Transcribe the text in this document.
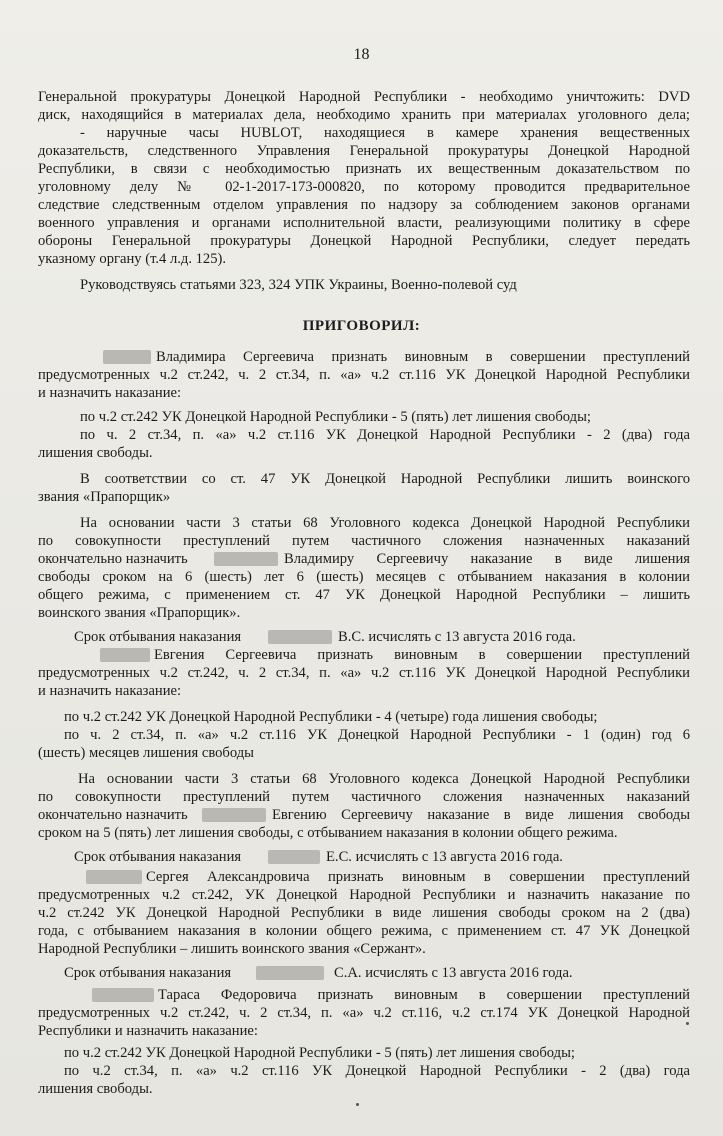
18
Генеральной прокуратуры Донецкой Народной Республики - необходимо уничтожить: DVD
диск, находящийся в материалах дела, необходимо хранить при материалах уголовного дела;
- наручные часы HUBLOT, находящиеся в камере хранения вещественных
доказательств, следственного Управления Генеральной прокуратуры Донецкой Народной
Республики, в связи с необходимостью признать их вещественным доказательством по
уголовному делу № 02-1-2017-173-000820, по которому проводится предварительное
следствие следственным отделом управления по надзору за соблюдением законов органами
военного управления и органами исполнительной власти, реализующими политику в сфере
обороны Генеральной прокуратуры Донецкой Народной Республики, следует передать
указному органу (т.4 л.д. 125).
Руководствуясь статьями 323, 324 УПК Украины, Военно-полевой суд
ПРИГОВОРИЛ:
Владимира Сергеевича признать виновным в совершении преступлений
предусмотренных ч.2 ст.242, ч. 2 ст.34, п. «а» ч.2 ст.116 УК Донецкой Народной Республики
и назначить наказание:
по ч.2 ст.242 УК Донецкой Народной Республики - 5 (пять) лет лишения свободы;
по ч. 2 ст.34, п. «а» ч.2 ст.116 УК Донецкой Народной Республики - 2 (два) года
лишения свободы.
В соответствии со ст. 47 УК Донецкой Народной Республики лишить воинского
звания «Прапорщик»
На основании части 3 статьи 68 Уголовного кодекса Донецкой Народной Республики
по совокупности преступлений путем частичного сложения назначенных наказаний
окончательно назначить	Владимиру Сергеевичу наказание в виде лишения
свободы сроком на 6 (шесть) лет 6 (шесть) месяцев с отбыванием наказания в колонии
общего режима, с применением ст. 47 УК Донецкой Народной Республики – лишить
воинского звания «Прапорщик».
Срок отбывания наказания	В.С. исчислять с 13 августа 2016 года.
Евгения Сергеевича признать виновным в совершении преступлений
предусмотренных ч.2 ст.242, ч. 2 ст.34, п. «а» ч.2 ст.116 УК Донецкой Народной Республики
и назначить наказание:
по ч.2 ст.242 УК Донецкой Народной Республики - 4 (четыре) года лишения свободы;
по ч. 2 ст.34, п. «а» ч.2 ст.116 УК Донецкой Народной Республики - 1 (один) год 6
(шесть) месяцев лишения свободы
На основании части 3 статьи 68 Уголовного кодекса Донецкой Народной Республики
по совокупности преступлений путем частичного сложения назначенных наказаний
окончательно назначить	Евгению Сергеевичу наказание в виде лишения свободы
сроком на 5 (пять) лет лишения свободы, с отбыванием наказания в колонии общего режима.
Срок отбывания наказания	Е.С. исчислять с 13 августа 2016 года.
Сергея Александровича признать виновным в совершении преступлений
предусмотренных ч.2 ст.242, УК Донецкой Народной Республики и назначить наказание по
ч.2 ст.242 УК Донецкой Народной Республики в виде лишения свободы сроком на 2 (два)
года, с отбыванием наказания в колонии общего режима, с применением ст. 47 УК Донецкой
Народной Республики – лишить воинского звания «Сержант».
Срок отбывания наказания	С.А. исчислять с 13 августа 2016 года.
Тараса Федоровича признать виновным в совершении преступлений
предусмотренных ч.2 ст.242, ч. 2 ст.34, п. «а» ч.2 ст.116, ч.2 ст.174 УК Донецкой Народной
Республики и назначить наказание:
по ч.2 ст.242 УК Донецкой Народной Республики - 5 (пять) лет лишения свободы;
по ч.2 ст.34, п. «а» ч.2 ст.116 УК Донецкой Народной Республики - 2 (два) года
лишения свободы.
